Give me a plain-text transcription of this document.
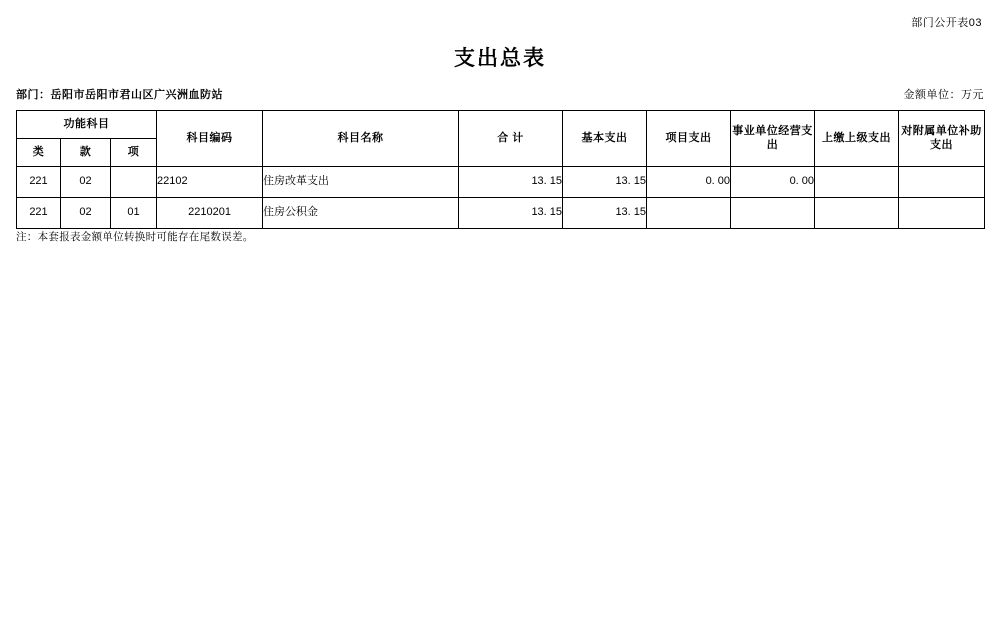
部门公开表03
支出总表
部门：岳阳市岳阳市君山区广兴洲血防站	金额单位：万元
功能科目			科目编码	科目名称	合 计	基本支出	项目支出	事业单位经营支出	上缴上级支出	对附属单位补助支出
类	款	项								
221	02		22102	住房改革支出	13. 15	13. 15	0. 00	0. 00		
221	02	01	2210201	住房公积金	13. 15	13. 15				
注：本套报表金额单位转换时可能存在尾数误差。
